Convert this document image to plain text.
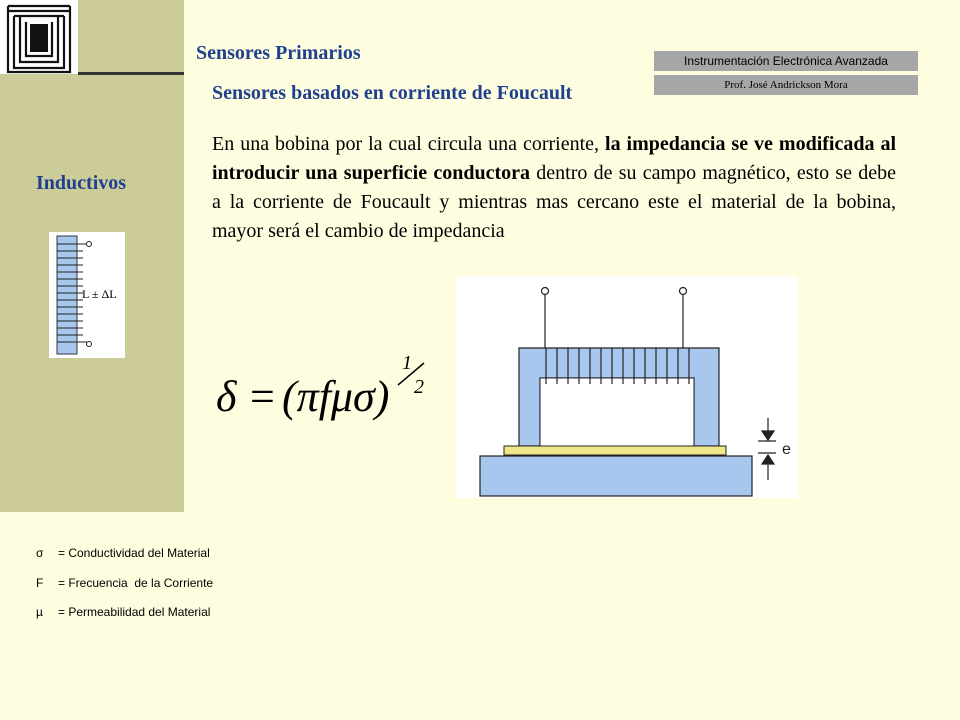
Sensores Primarios
Sensores basados en corriente de Foucault
Instrumentación Electrónica Avanzada
Prof. José Andrickson Mora
Inductivos
L ± ΔL
En una bobina por la cual circula una corriente, la impedancia se ve modificada al introducir una superficie conductora dentro de su campo magnético, esto se debe a la corriente de Foucault y mientras mas cercano este el material de la bobina, mayor será el cambio de impedancia
δ = (πfμσ)
1
2
e
σ = Conductividad del Material
F = Frecuencia  de la Corriente
µ = Permeabilidad del Material
